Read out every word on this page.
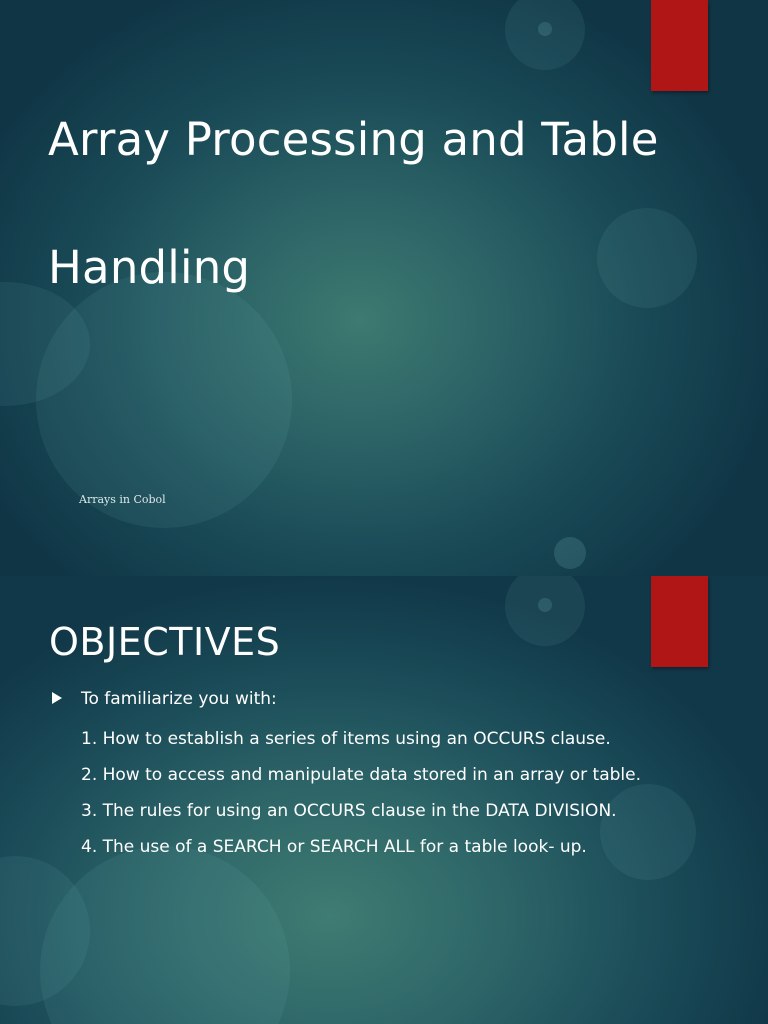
Array Processing and Table Handling
Arrays in Cobol
OBJECTIVES
To familiarize you with:
1. How to establish a series of items using an OCCURS clause.
2. How to access and manipulate data stored in an array or table.
3. The rules for using an OCCURS clause in the DATA DIVISION.
4. The use of a SEARCH or SEARCH ALL for a table look- up.
